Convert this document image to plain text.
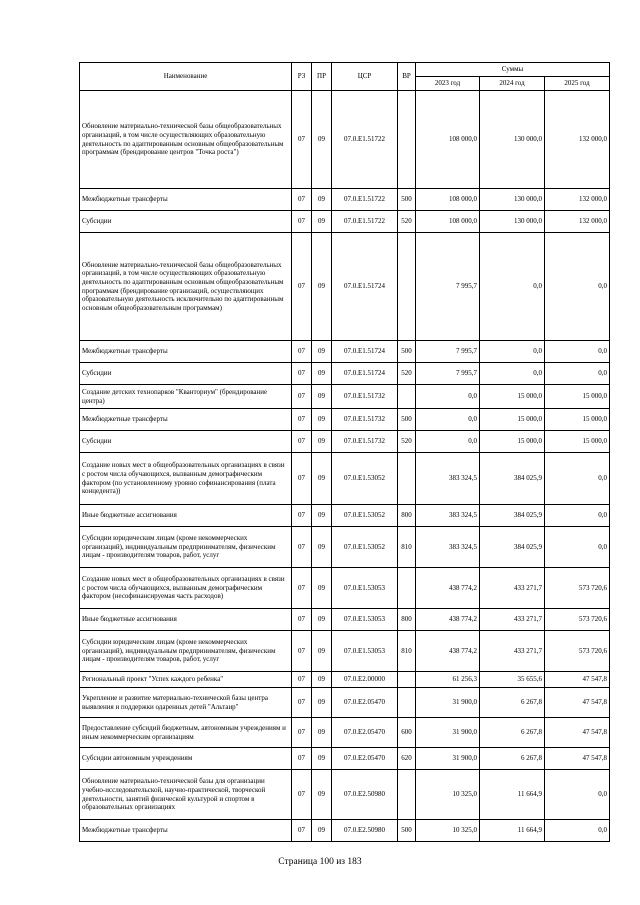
Наименование	РЗ	ПР	ЦСР	ВР	Суммы		
					2023 год	2024 год	2025 год
Обновление материально-технической базы общеобразовательных организаций, в том числе осуществляющих образовательную деятельность по адаптированным основным общеобразовательным программам (брендирование центров "Точка роста")	07	09	07.0.E1.51722		108 000,0	130 000,0	132 000,0
Межбюджетные трансферты	07	09	07.0.E1.51722	500	108 000,0	130 000,0	132 000,0
Субсидии	07	09	07.0.E1.51722	520	108 000,0	130 000,0	132 000,0
Обновление материально-технической базы общеобразовательных организаций, в том числе осуществляющих образовательную деятельность по адаптированным основным общеобразовательным программам (брендирование организаций, осуществляющих образовательную деятельность исключительно по адаптированным основным общеобразовательным программам)	07	09	07.0.E1.51724		7 995,7	0,0	0,0
Межбюджетные трансферты	07	09	07.0.E1.51724	500	7 995,7	0,0	0,0
Субсидии	07	09	07.0.E1.51724	520	7 995,7	0,0	0,0
Создание детских технопарков "Кванториум" (брендирование центра)	07	09	07.0.E1.51732		0,0	15 000,0	15 000,0
Межбюджетные трансферты	07	09	07.0.E1.51732	500	0,0	15 000,0	15 000,0
Субсидии	07	09	07.0.E1.51732	520	0,0	15 000,0	15 000,0
Создание новых мест в общеобразовательных организациях в связи с ростом числа обучающихся, вызванным демографическим фактором (по установленному уровню софинансирования (плата концедента))	07	09	07.0.E1.53052		383 324,5	384 025,9	0,0
Иные бюджетные ассигнования	07	09	07.0.E1.53052	800	383 324,5	384 025,9	0,0
Субсидии юридическим лицам (кроме некоммерческих организаций), индивидуальным предпринимателям, физическим лицам - производителям товаров, работ, услуг	07	09	07.0.E1.53052	810	383 324,5	384 025,9	0,0
Создание новых мест в общеобразовательных организациях в связи с ростом числа обучающихся, вызванным демографическим фактором (несофинансируемая часть расходов)	07	09	07.0.E1.53053		438 774,2	433 271,7	573 720,6
Иные бюджетные ассигнования	07	09	07.0.E1.53053	800	438 774,2	433 271,7	573 720,6
Субсидии юридическим лицам (кроме некоммерческих организаций), индивидуальным предпринимателям, физическим лицам - производителям товаров, работ, услуг	07	09	07.0.E1.53053	810	438 774,2	433 271,7	573 720,6
Региональный проект "Успех каждого ребенка"	07	09	07.0.E2.00000		61 256,3	35 655,6	47 547,8
Укрепление и развитие материально-технической базы центра выявления и поддержки одаренных детей "Альтаир"	07	09	07.0.E2.05470		31 900,0	6 267,8	47 547,8
Предоставление субсидий бюджетным, автономным учреждениям и иным некоммерческим организациям	07	09	07.0.E2.05470	600	31 900,0	6 267,8	47 547,8
Субсидии автономным учреждениям	07	09	07.0.E2.05470	620	31 900,0	6 267,8	47 547,8
Обновление материально-технической базы для организации учебно-исследовательской, научно-практической, творческой деятельности, занятий физической культурой и спортом в образовательных организациях	07	09	07.0.E2.50980		10 325,0	11 664,9	0,0
Межбюджетные трансферты	07	09	07.0.E2.50980	500	10 325,0	11 664,9	0,0
Страница 100 из 183
